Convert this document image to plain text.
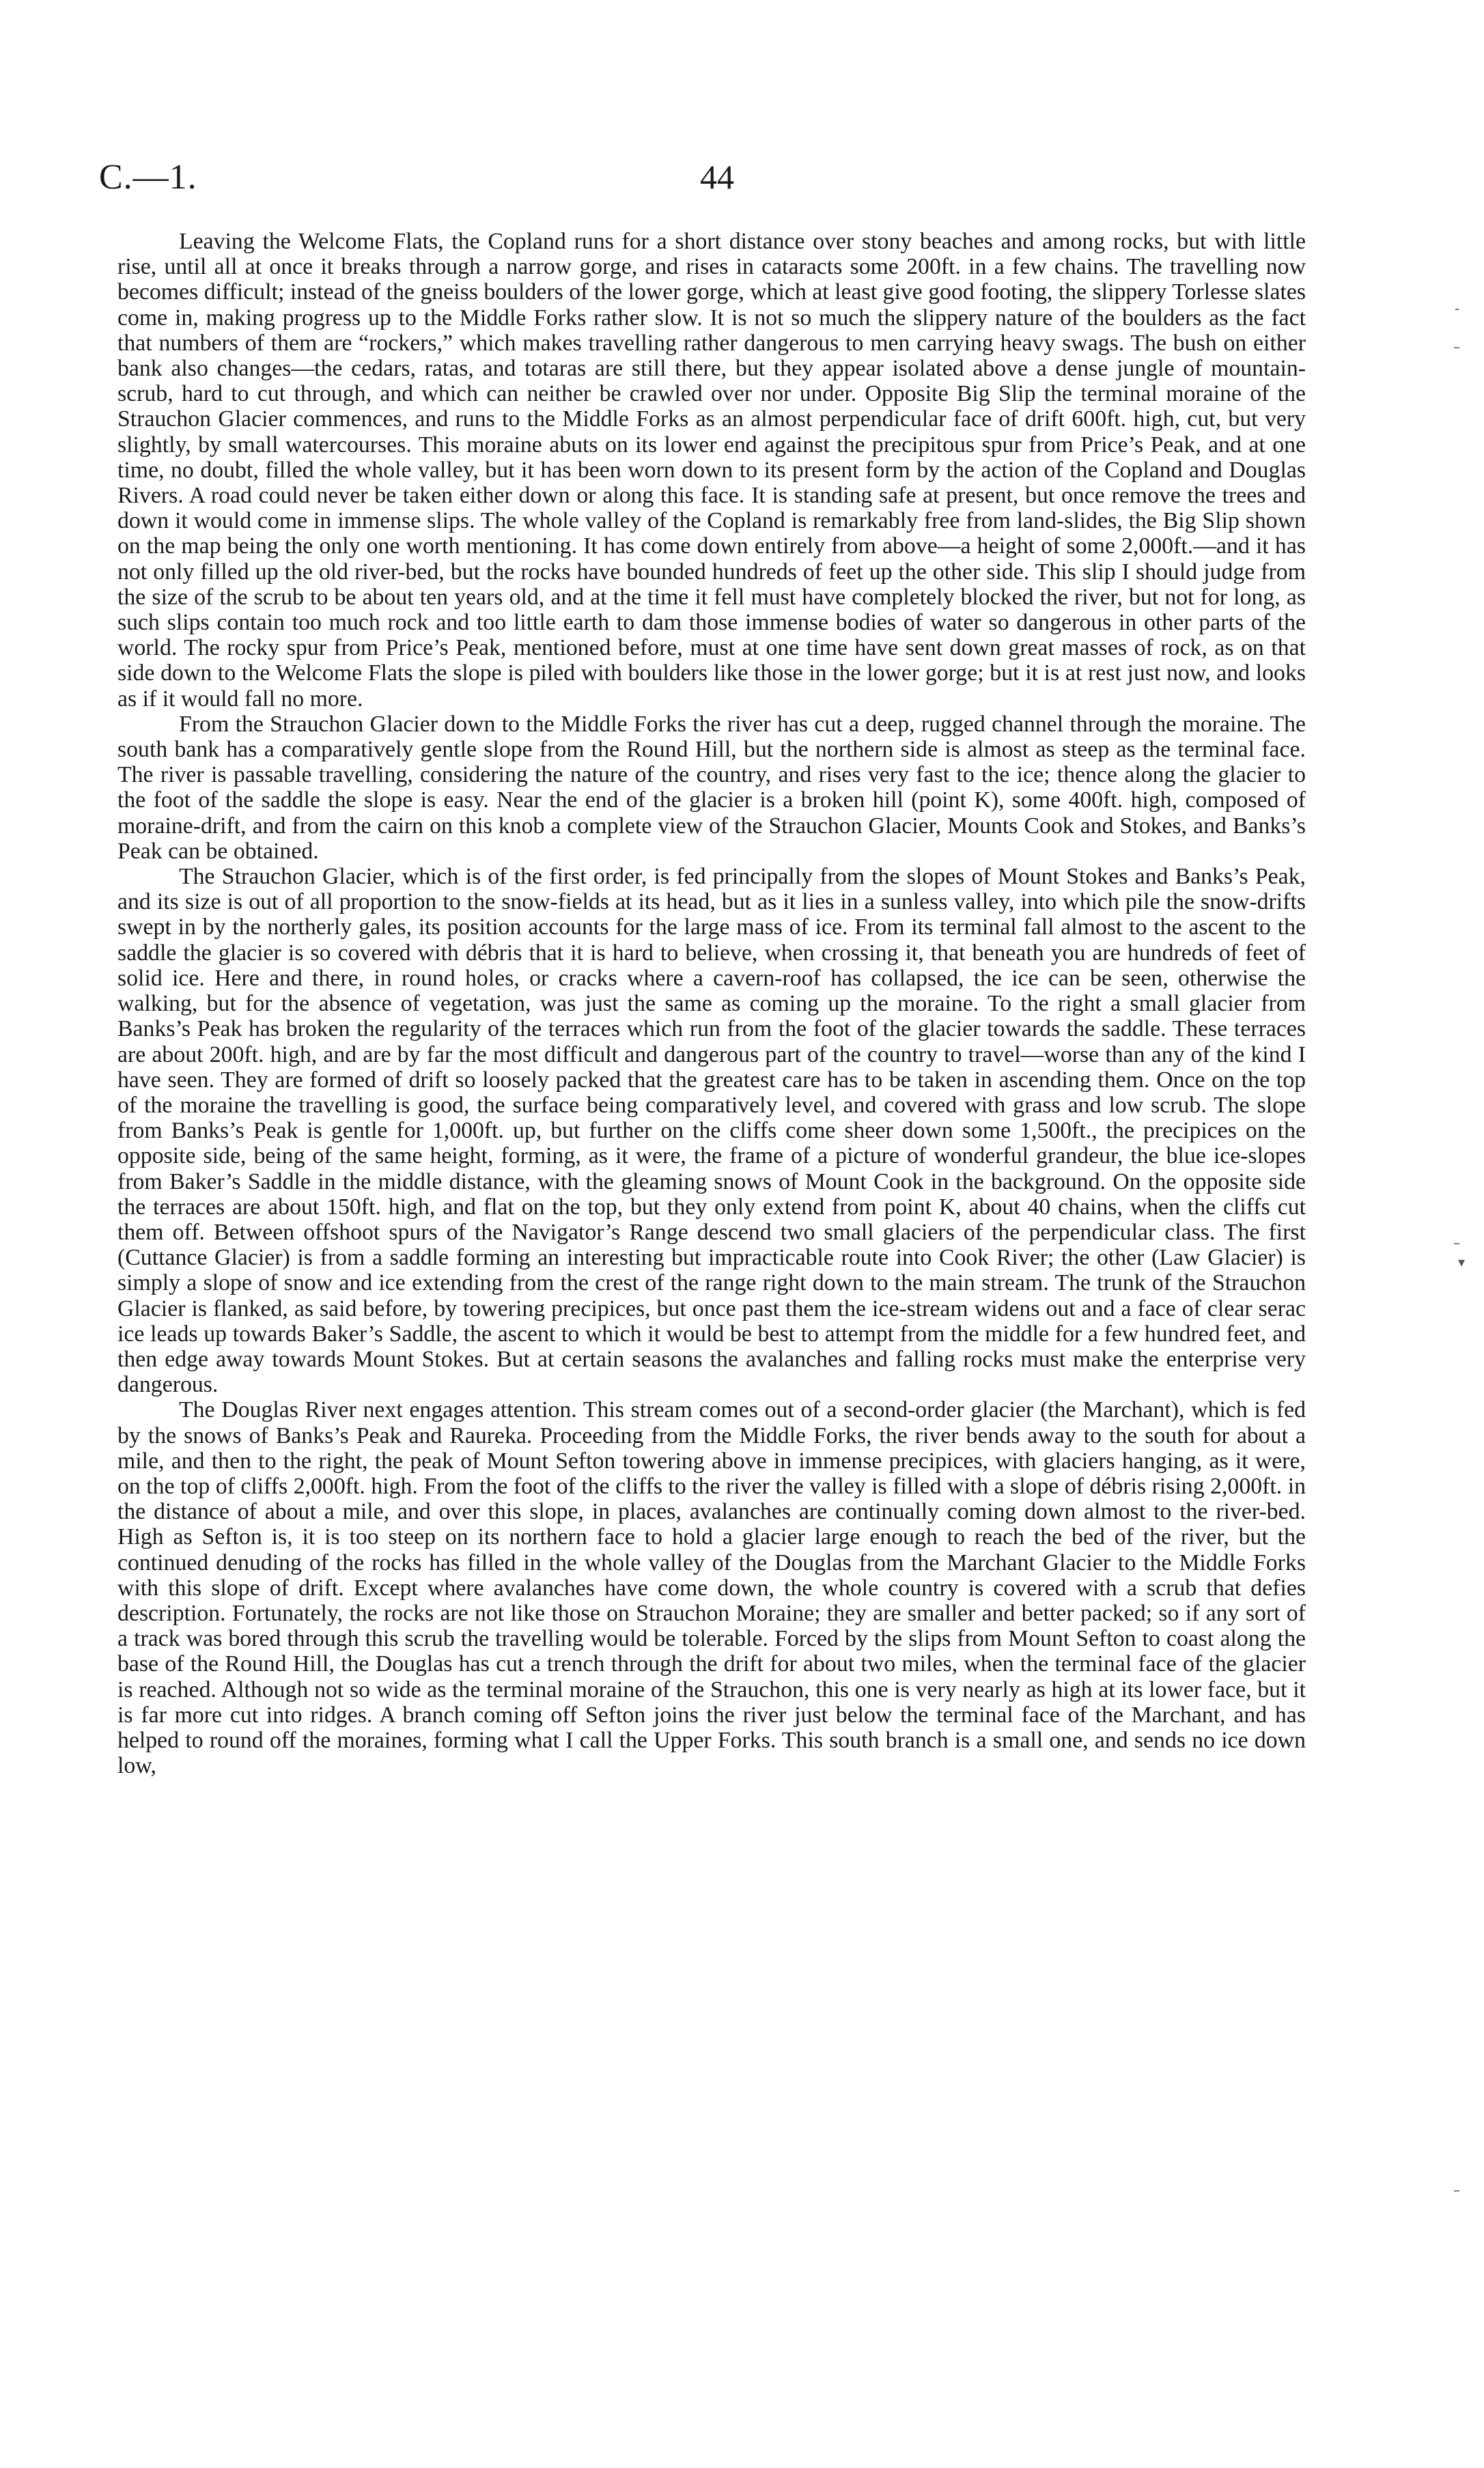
C.—1.	44

Leaving the Welcome Flats, the Copland runs for a short distance over stony beaches and among rocks, but with little rise, until all at once it breaks through a narrow gorge, and rises in cataracts some 200ft. in a few chains. The travelling now becomes difficult; instead of the gneiss boulders of the lower gorge, which at least give good footing, the slippery Torlesse slates come in, making progress up to the Middle Forks rather slow. It is not so much the slippery nature of the boulders as the fact that numbers of them are “rockers,” which makes travelling rather dangerous to men carrying heavy swags. The bush on either bank also changes—the cedars, ratas, and totaras are still there, but they appear isolated above a dense jungle of mountain-scrub, hard to cut through, and which can neither be crawled over nor under. Opposite Big Slip the terminal moraine of the Strauchon Glacier commences, and runs to the Middle Forks as an almost perpendicular face of drift 600ft. high, cut, but very slightly, by small watercourses. This moraine abuts on its lower end against the precipitous spur from Price’s Peak, and at one time, no doubt, filled the whole valley, but it has been worn down to its present form by the action of the Copland and Douglas Rivers. A road could never be taken either down or along this face. It is standing safe at present, but once remove the trees and down it would come in immense slips. The whole valley of the Copland is remarkably free from land-slides, the Big Slip shown on the map being the only one worth mentioning. It has come down entirely from above—a height of some 2,000ft.—and it has not only filled up the old river-bed, but the rocks have bounded hundreds of feet up the other side. This slip I should judge from the size of the scrub to be about ten years old, and at the time it fell must have completely blocked the river, but not for long, as such slips contain too much rock and too little earth to dam those immense bodies of water so dangerous in other parts of the world. The rocky spur from Price’s Peak, mentioned before, must at one time have sent down great masses of rock, as on that side down to the Welcome Flats the slope is piled with boulders like those in the lower gorge; but it is at rest just now, and looks as if it would fall no more.

From the Strauchon Glacier down to the Middle Forks the river has cut a deep, rugged channel through the moraine. The south bank has a comparatively gentle slope from the Round Hill, but the northern side is almost as steep as the terminal face. The river is passable travelling, considering the nature of the country, and rises very fast to the ice; thence along the glacier to the foot of the saddle the slope is easy. Near the end of the glacier is a broken hill (point K), some 400ft. high, composed of moraine-drift, and from the cairn on this knob a complete view of the Strauchon Glacier, Mounts Cook and Stokes, and Banks’s Peak can be obtained.

The Strauchon Glacier, which is of the first order, is fed principally from the slopes of Mount Stokes and Banks’s Peak, and its size is out of all proportion to the snow-fields at its head, but as it lies in a sunless valley, into which pile the snow-drifts swept in by the northerly gales, its position accounts for the large mass of ice. From its terminal fall almost to the ascent to the saddle the glacier is so covered with débris that it is hard to believe, when crossing it, that beneath you are hundreds of feet of solid ice. Here and there, in round holes, or cracks where a cavern-roof has collapsed, the ice can be seen, otherwise the walking, but for the absence of vegetation, was just the same as coming up the moraine. To the right a small glacier from Banks’s Peak has broken the regularity of the terraces which run from the foot of the glacier towards the saddle. These terraces are about 200ft. high, and are by far the most difficult and dangerous part of the country to travel—worse than any of the kind I have seen. They are formed of drift so loosely packed that the greatest care has to be taken in ascending them. Once on the top of the moraine the travelling is good, the surface being comparatively level, and covered with grass and low scrub. The slope from Banks’s Peak is gentle for 1,000ft. up, but further on the cliffs come sheer down some 1,500ft., the precipices on the opposite side, being of the same height, forming, as it were, the frame of a picture of wonderful grandeur, the blue ice-slopes from Baker’s Saddle in the middle distance, with the gleaming snows of Mount Cook in the background. On the opposite side the terraces are about 150ft. high, and flat on the top, but they only extend from point K, about 40 chains, when the cliffs cut them off. Between offshoot spurs of the Navigator’s Range descend two small glaciers of the perpendicular class. The first (Cuttance Glacier) is from a saddle forming an interesting but impracticable route into Cook River; the other (Law Glacier) is simply a slope of snow and ice extending from the crest of the range right down to the main stream. The trunk of the Strauchon Glacier is flanked, as said before, by towering precipices, but once past them the ice-stream widens out and a face of clear serac ice leads up towards Baker’s Saddle, the ascent to which it would be best to attempt from the middle for a few hundred feet, and then edge away towards Mount Stokes. But at certain seasons the avalanches and falling rocks must make the enterprise very dangerous.

The Douglas River next engages attention. This stream comes out of a second-order glacier (the Marchant), which is fed by the snows of Banks’s Peak and Raureka. Proceeding from the Middle Forks, the river bends away to the south for about a mile, and then to the right, the peak of Mount Sefton towering above in immense precipices, with glaciers hanging, as it were, on the top of cliffs 2,000ft. high. From the foot of the cliffs to the river the valley is filled with a slope of débris rising 2,000ft. in the distance of about a mile, and over this slope, in places, avalanches are continually coming down almost to the river-bed. High as Sefton is, it is too steep on its northern face to hold a glacier large enough to reach the bed of the river, but the continued denuding of the rocks has filled in the whole valley of the Douglas from the Marchant Glacier to the Middle Forks with this slope of drift. Except where avalanches have come down, the whole country is covered with a scrub that defies description. Fortunately, the rocks are not like those on Strauchon Moraine; they are smaller and better packed; so if any sort of a track was bored through this scrub the travelling would be tolerable. Forced by the slips from Mount Sefton to coast along the base of the Round Hill, the Douglas has cut a trench through the drift for about two miles, when the terminal face of the glacier is reached. Although not so wide as the terminal moraine of the Strauchon, this one is very nearly as high at its lower face, but it is far more cut into ridges. A branch coming off Sefton joins the river just below the terminal face of the Marchant, and has helped to round off the moraines, forming what I call the Upper Forks. This south branch is a small one, and sends no ice down low,

-
–
–
▾
–
